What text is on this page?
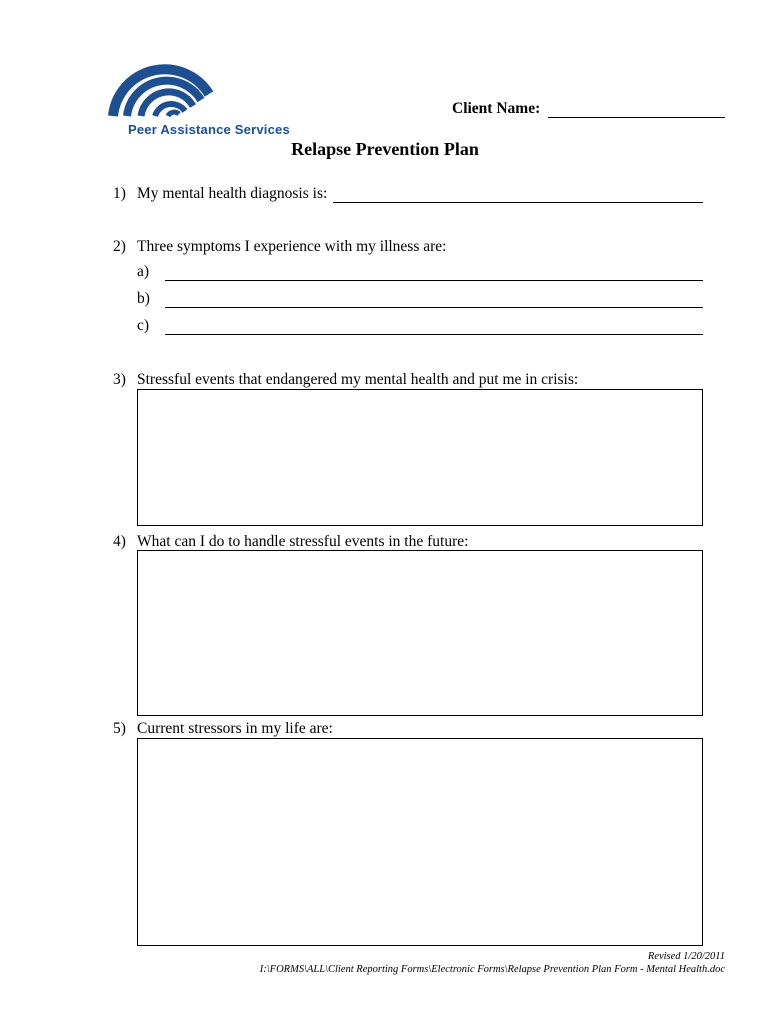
Peer Assistance Services
Client Name:
Relapse Prevention Plan
1) My mental health diagnosis is:
2) Three symptoms I experience with my illness are:
a)
b)
c)
3) Stressful events that endangered my mental health and put me in crisis:
4) What can I do to handle stressful events in the future:
5) Current stressors in my life are:
Revised 1/20/2011
I:\FORMS\ALL\Client Reporting Forms\Electronic Forms\Relapse Prevention Plan Form - Mental Health.doc
